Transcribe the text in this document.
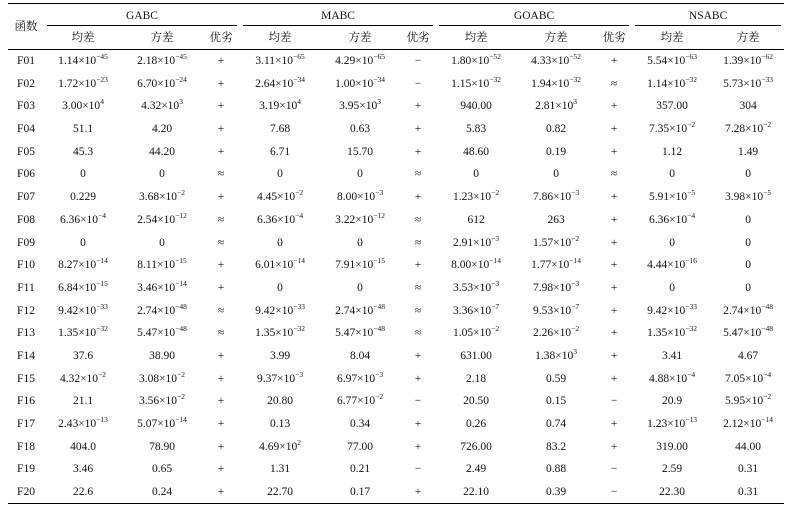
函数	GABC			MABC			GOABC			NSABC	

	均差	方差	优劣	均差	方差	优劣	均差	方差	优劣	均差	方差
F01	$1.14\times 10^{-45}$	$2.18\times 10^{-45}$	+	$3.11\times 10^{-65}$	$4.29\times 10^{-65}$	−	$1.80\times 10^{-52}$	$4.33\times 10^{-52}$	+	$5.54\times 10^{-63}$	$1.39\times 10^{-62}$
F02	$1.72\times 10^{-23}$	$6.70\times 10^{-24}$	+	$2.64\times 10^{-34}$	$1.00\times 10^{-34}$	−	$1.15\times 10^{-32}$	$1.94\times 10^{-32}$	≈	$1.14\times 10^{-32}$	$5.73\times 10^{-33}$
F03	$3.00\times 10^4$	$4.32\times 10^3$	+	$3.19\times 10^4$	$3.95\times 10^3$	+	940.00	$2.81\times 10^3$	+	357.00	304
F04	51.1	4.20	+	7.68	0.63	+	5.83	0.82	+	$7.35\times 10^{-2}$	$7.28\times 10^{-2}$
F05	45.3	44.20	+	6.71	15.70	+	48.60	0.19	+	1.12	1.49
F06	0	0	≈	0	0	≈	0	0	≈	0	0
F07	0.229	$3.68\times 10^{-2}$	+	$4.45\times 10^{-2}$	$8.00\times 10^{-3}$	+	$1.23\times 10^{-2}$	$7.86\times 10^{-3}$	+	$5.91\times 10^{-5}$	$3.98\times 10^{-5}$
F08	$6.36\times 10^{-4}$	$2.54\times 10^{-12}$	≈	$6.36\times 10^{-4}$	$3.22\times 10^{-12}$	≈	612	263	+	$6.36\times 10^{-4}$	0
F09	0	0	≈	0	0	≈	$2.91\times 10^{-3}$	$1.57\times 10^{-2}$	+	0	0
F10	$8.27\times 10^{-14}$	$8.11\times 10^{-15}$	+	$6.01\times 10^{-14}$	$7.91\times 10^{-15}$	+	$8.00\times 10^{-14}$	$1.77\times 10^{-14}$	+	$4.44\times 10^{-16}$	0
F11	$6.84\times 10^{-15}$	$3.46\times 10^{-14}$	+	0	0	≈	$3.53\times 10^{-3}$	$7.98\times 10^{-3}$	+	0	0
F12	$9.42\times 10^{-33}$	$2.74\times 10^{-48}$	≈	$9.42\times 10^{-33}$	$2.74\times 10^{-48}$	≈	$3.36\times 10^{-7}$	$9.53\times 10^{-7}$	+	$9.42\times 10^{-33}$	$2.74\times 10^{-48}$
F13	$1.35\times 10^{-32}$	$5.47\times 10^{-48}$	≈	$1.35\times 10^{-32}$	$5.47\times 10^{-48}$	≈	$1.05\times 10^{-2}$	$2.26\times 10^{-2}$	+	$1.35\times 10^{-32}$	$5.47\times 10^{-48}$
F14	37.6	38.90	+	3.99	8.04	+	631.00	$1.38\times 10^3$	+	3.41	4.67
F15	$4.32\times 10^{-2}$	$3.08\times 10^{-2}$	+	$9.37\times 10^{-3}$	$6.97\times 10^{-3}$	+	2.18	0.59	+	$4.88\times 10^{-4}$	$7.05\times 10^{-4}$
F16	21.1	$3.56\times 10^{-2}$	+	20.80	$6.77\times 10^{-2}$	−	20.50	0.15	−	20.9	$5.95\times 10^{-2}$
F17	$2.43\times 10^{-13}$	$5.07\times 10^{-14}$	+	0.13	0.34	+	0.26	0.74	+	$1.23\times 10^{-13}$	$2.12\times 10^{-14}$
F18	404.0	78.90	+	$4.69\times 10^2$	77.00	+	726.00	83.2	+	319.00	44.00
F19	3.46	0.65	+	1.31	0.21	−	2.49	0.88	−	2.59	0.31
F20	22.6	0.24	+	22.70	0.17	+	22.10	0.39	−	22.30	0.31
